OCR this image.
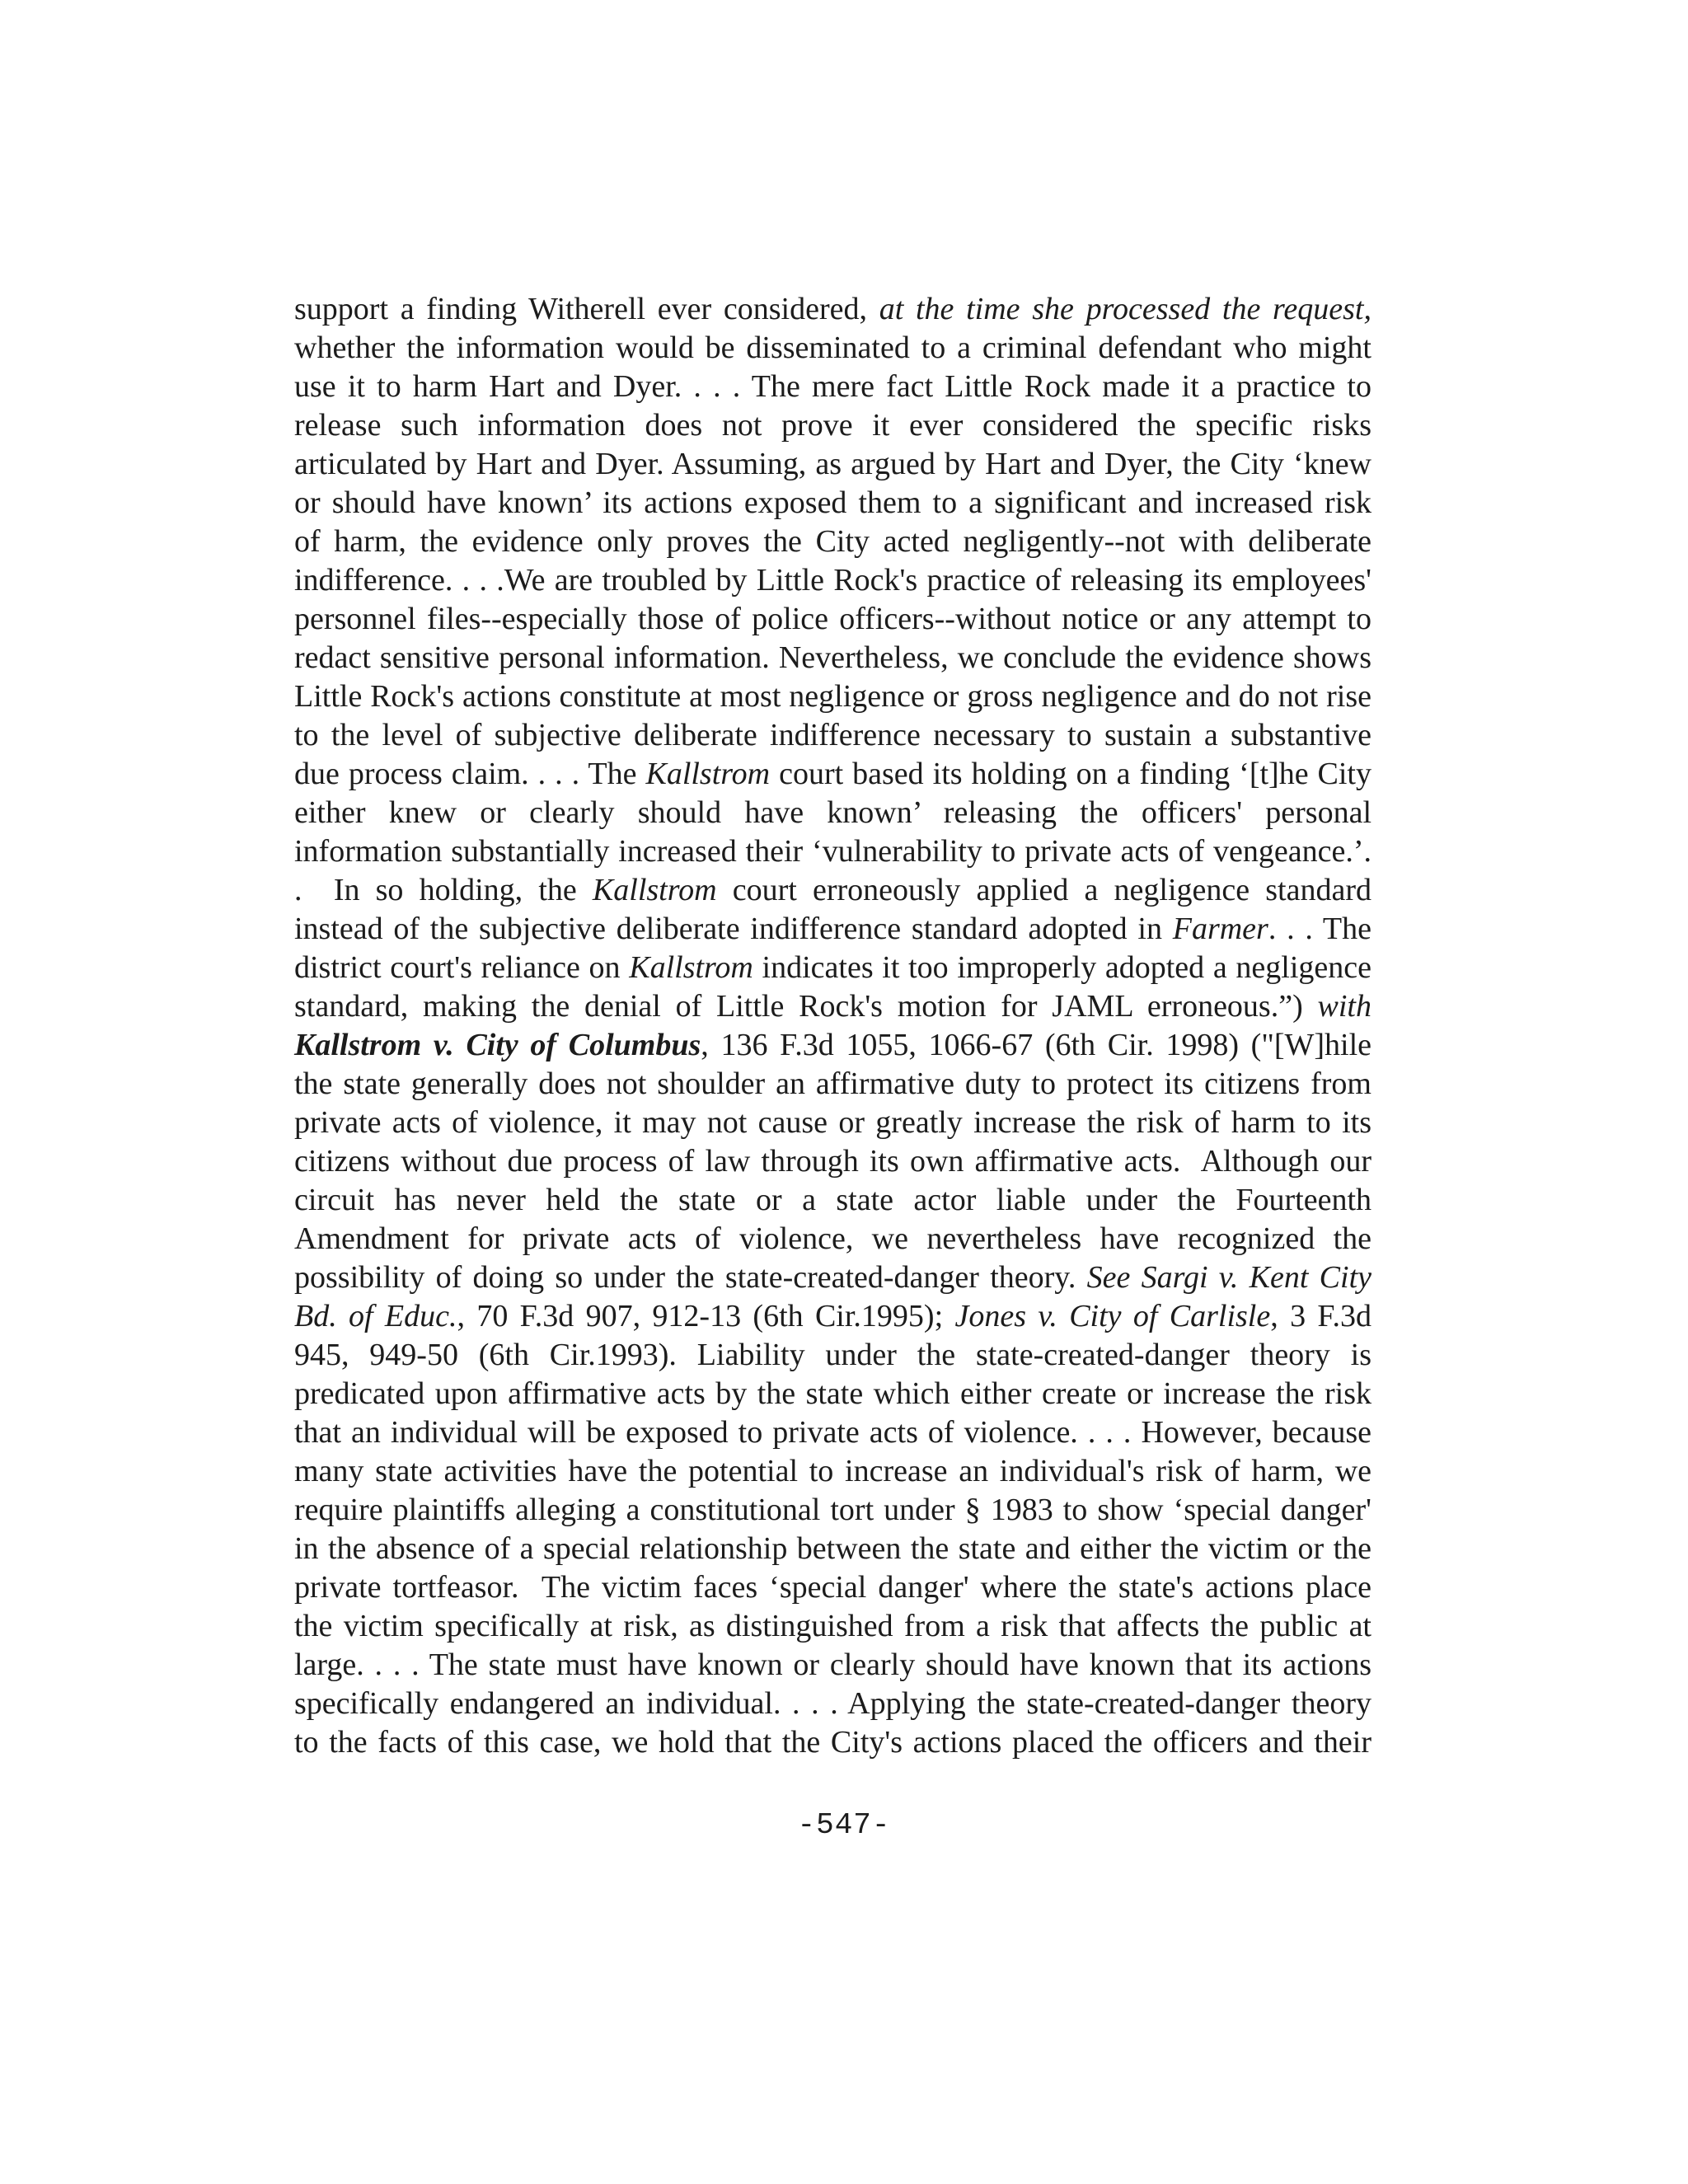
support a finding Witherell ever considered, at the time she processed the request,
whether the information would be disseminated to a criminal defendant who might
use it to harm Hart and Dyer. . . . The mere fact Little Rock made it a practice to
release such information does not prove it ever considered the specific risks
articulated by Hart and Dyer. Assuming, as argued by Hart and Dyer, the City ‘knew
or should have known’ its actions exposed them to a significant and increased risk
of harm, the evidence only proves the City acted negligently--not with deliberate
indifference. . . .We are troubled by Little Rock's practice of releasing its employees'
personnel files--especially those of police officers--without notice or any attempt to
redact sensitive personal information. Nevertheless, we conclude the evidence shows
Little Rock's actions constitute at most negligence or gross negligence and do not rise
to the level of subjective deliberate indifference necessary to sustain a substantive
due process claim. . . . The Kallstrom court based its holding on a finding ‘[t]he City
either knew or clearly should have known’ releasing the officers' personal
information substantially increased their ‘vulnerability to private acts of vengeance.’.
.  In so holding, the Kallstrom court erroneously applied a negligence standard
instead of the subjective deliberate indifference standard adopted in Farmer. . . The
district court's reliance on Kallstrom indicates it too improperly adopted a negligence
standard, making the denial of Little Rock's motion for JAML erroneous.”) with
Kallstrom v. City of Columbus, 136 F.3d 1055, 1066-67 (6th Cir. 1998) ("[W]hile
the state generally does not shoulder an affirmative duty to protect its citizens from
private acts of violence, it may not cause or greatly increase the risk of harm to its
citizens without due process of law through its own affirmative acts.  Although our
circuit has never held the state or a state actor liable under the Fourteenth
Amendment for private acts of violence, we nevertheless have recognized the
possibility of doing so under the state-created-danger theory. See Sargi v. Kent City
Bd. of Educ., 70 F.3d 907, 912-13 (6th Cir.1995); Jones v. City of Carlisle, 3 F.3d
945, 949-50 (6th Cir.1993). Liability under the state-created-danger theory is
predicated upon affirmative acts by the state which either create or increase the risk
that an individual will be exposed to private acts of violence. . . . However, because
many state activities have the potential to increase an individual's risk of harm, we
require plaintiffs alleging a constitutional tort under § 1983 to show ‘special danger'
in the absence of a special relationship between the state and either the victim or the
private tortfeasor.  The victim faces ‘special danger' where the state's actions place
the victim specifically at risk, as distinguished from a risk that affects the public at
large. . . . The state must have known or clearly should have known that its actions
specifically endangered an individual. . . . Applying the state-created-danger theory
to the facts of this case, we hold that the City's actions placed the officers and their
-547-
